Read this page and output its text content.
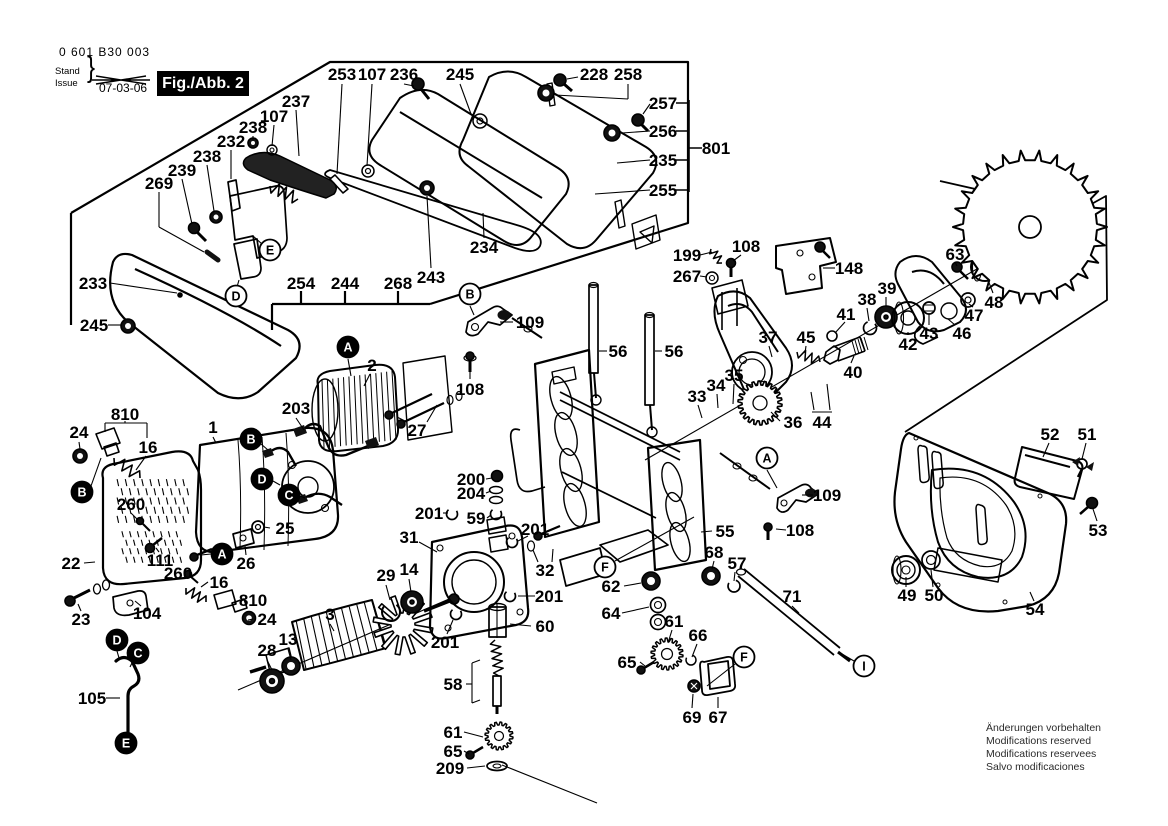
0 601 B30 003
Stand
Issue }
07-03-06 Fig./Abb. 2	253 107 236 245	228 258
257
256
801
235
255
237
107
238
232
238
239
269
233
245
254 244 268 243
234
109
108
56 56
199 108
267	148
63
48
47
46
43
42
38
39
41
40
45
37
35
34
33
36 44
109
108
52 51
53
49 50
54
810
24
16
1
203
2
27
260
25
22	111	26
260 16
810
24
104
23
105
3
28
13
29 14
200
204
201 59
201
32
201
60
201
31
58
61
65
209
55
68
57
62
64	61
66
65
71
69 67
E
D	B
A
F
F
I
A
B
D
C
B
A
D
C
E
Änderungen vorbehalten
Modifications reserved
Modifications reservees
Salvo modificaciones
